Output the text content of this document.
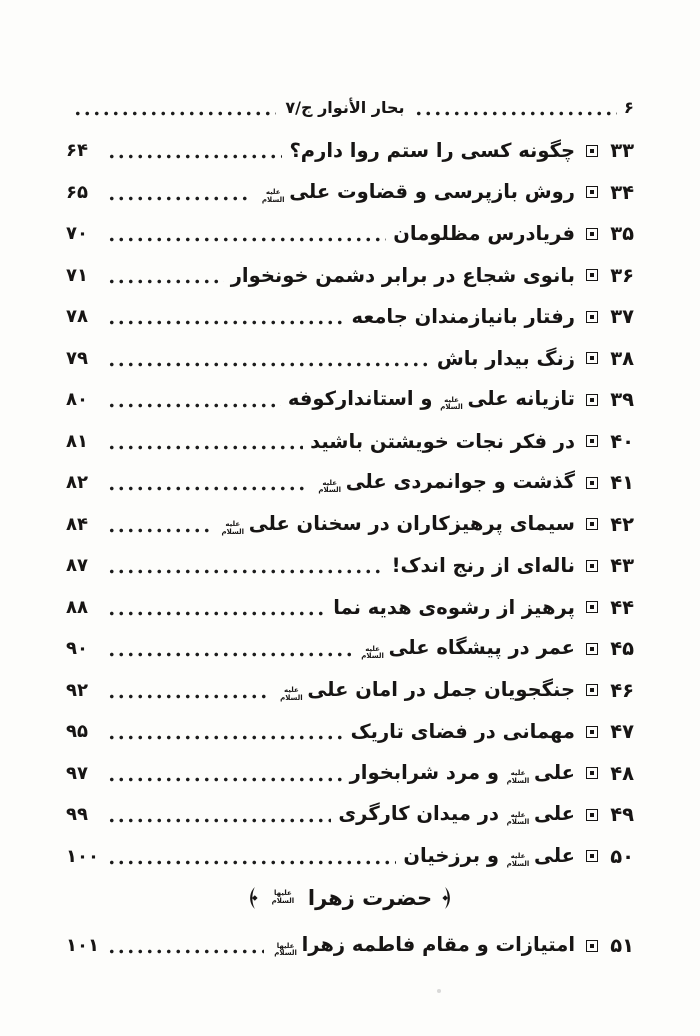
۶
بحار الأنوار ج/۷
۳۳
چگونه کسی را ستم روا دارم؟
۶۴
۳۴
روش بازپرسی و قضاوت علیعلیه السلام
۶۵
۳۵
فریادرس مظلومان
۷۰
۳۶
بانوی شجاع در برابر دشمن خونخوار
۷۱
۳۷
رفتار بانیازمندان جامعه
۷۸
۳۸
زنگ بیدار باش
۷۹
۳۹
تازیانه علیعلیه السلامو استاندارکوفه
۸۰
۴۰
در فکر نجات خویشتن باشید
۸۱
۴۱
گذشت و جوانمردی علیعلیه السلام
۸۲
۴۲
سیمای پرهیزکاران در سخنان علیعلیه السلام
۸۴
۴۳
ناله‌ای از رنج اندک!
۸۷
۴۴
پرهیز از رشوه‌ی هدیه نما
۸۸
۴۵
عمر در پیشگاه علیعلیه السلام
۹۰
۴۶
جنگجویان جمل در امان علیعلیه السلام
۹۲
۴۷
مهمانی در فضای تاریک
۹۵
۴۸
علیعلیه السلامو مرد شرابخوار
۹۷
۴۹
علیعلیه السلامدر میدان کارگری
۹۹
۵۰
علیعلیه السلامو برزخیان
۱۰۰
حضرت زهرا
علیها السلام
۵۱
امتیازات و مقام فاطمه زهراعلیها السلام
۱۰۱
